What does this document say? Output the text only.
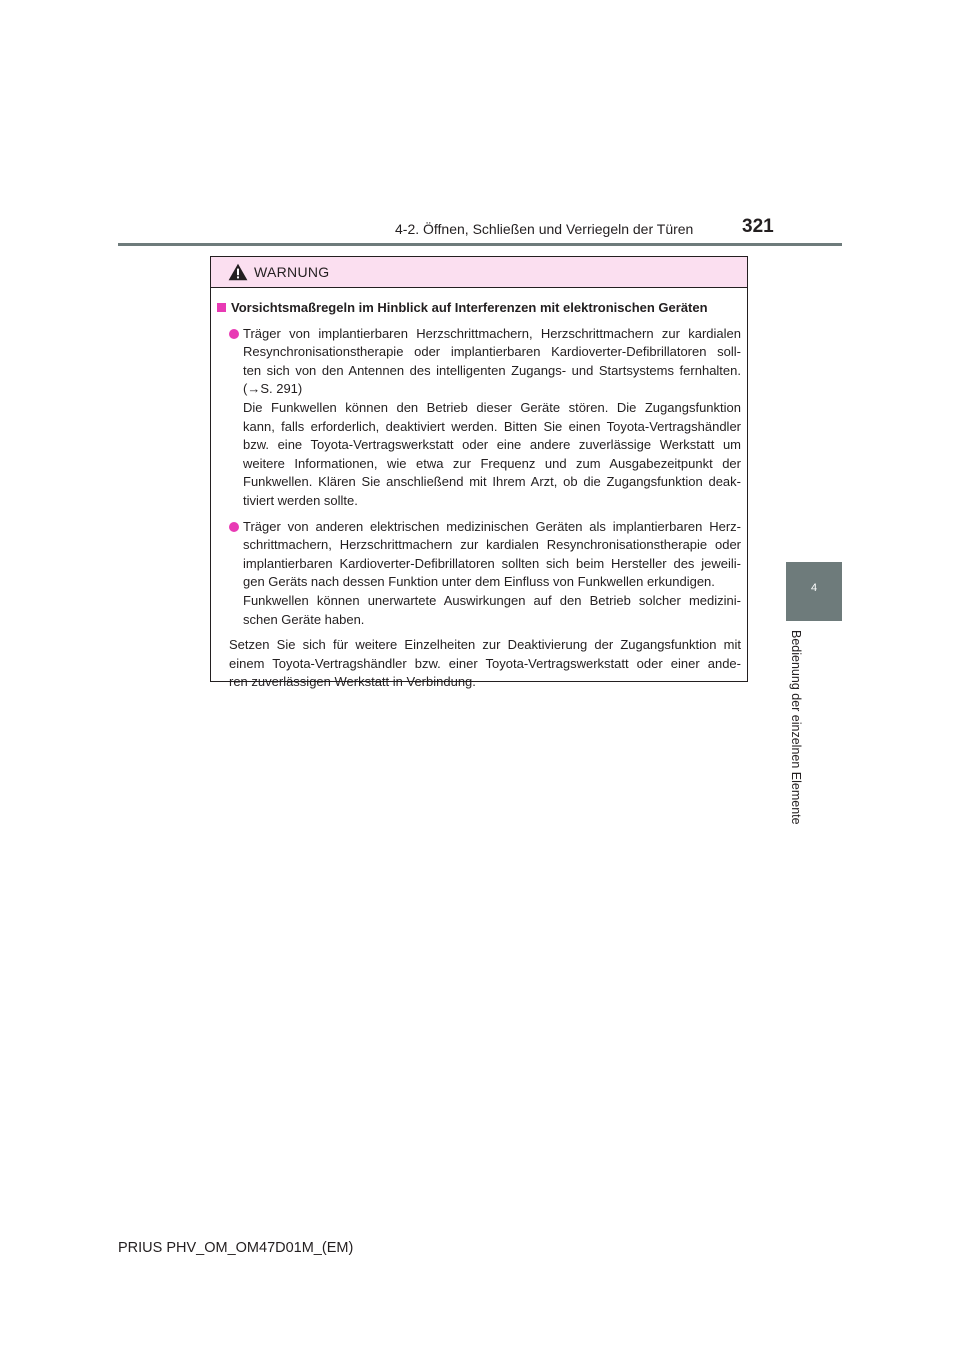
4-2. Öffnen, Schließen und Verriegeln der Türen	321
4
Bedienung der einzelnen Elemente
WARNUNG
Vorsichtsmaßregeln im Hinblick auf Interferenzen mit elektronischen Geräten
Träger von implantierbaren Herzschrittmachern, Herzschrittmachern zur kardialen
Resynchronisationstherapie oder implantierbaren Kardioverter-Defibrillatoren soll-
ten sich von den Antennen des intelligenten Zugangs- und Startsystems fernhalten.
(→S. 291)
Die Funkwellen können den Betrieb dieser Geräte stören. Die Zugangsfunktion
kann, falls erforderlich, deaktiviert werden. Bitten Sie einen Toyota-Vertragshändler
bzw. eine Toyota-Vertragswerkstatt oder eine andere zuverlässige Werkstatt um
weitere Informationen, wie etwa zur Frequenz und zum Ausgabezeitpunkt der
Funkwellen. Klären Sie anschließend mit Ihrem Arzt, ob die Zugangsfunktion deak-
tiviert werden sollte.
Träger von anderen elektrischen medizinischen Geräten als implantierbaren Herz-
schrittmachern, Herzschrittmachern zur kardialen Resynchronisationstherapie oder
implantierbaren Kardioverter-Defibrillatoren sollten sich beim Hersteller des jeweili-
gen Geräts nach dessen Funktion unter dem Einfluss von Funkwellen erkundigen.
Funkwellen können unerwartete Auswirkungen auf den Betrieb solcher medizini-
schen Geräte haben.
Setzen Sie sich für weitere Einzelheiten zur Deaktivierung der Zugangsfunktion mit
einem Toyota-Vertragshändler bzw. einer Toyota-Vertragswerkstatt oder einer ande-
ren zuverlässigen Werkstatt in Verbindung.
PRIUS PHV_OM_OM47D01M_(EM)
